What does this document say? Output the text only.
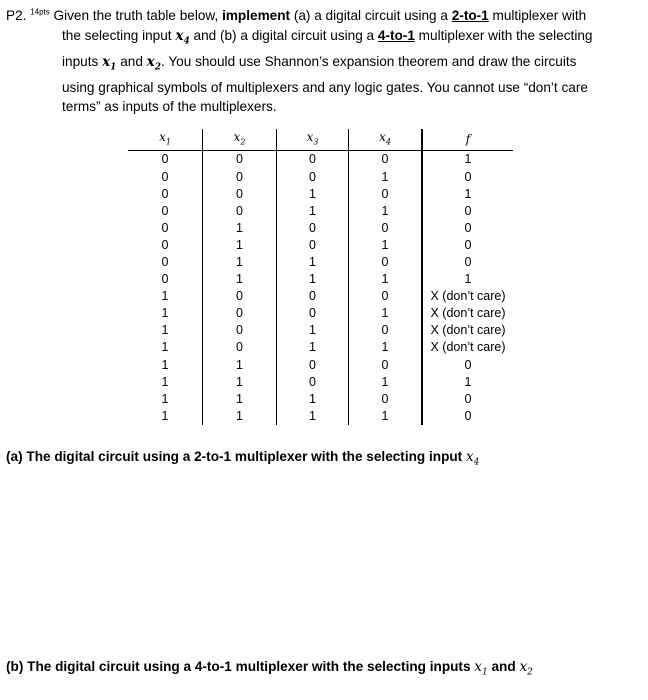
P2. $^{14pts}$ Given the truth table below, implement (a) a digital circuit using a 2-to-1 multiplexer with
the selecting input $x_4$ and (b) a digital circuit using a 4-to-1 multiplexer with the selecting
inputs $x_1$ and $x_2$. You should use Shannon’s expansion theorem and draw the circuits
using graphical symbols of multiplexers and any logic gates. You cannot use “don’t care
terms” as inputs of the multiplexers.
$x_1$	$x_2$	$x_3$	$x_4$	f
0	0	0	0	1
0	0	0	1	0
0	0	1	0	1
0	0	1	1	0
0	1	0	0	0
0	1	0	1	0
0	1	1	0	0
0	1	1	1	1
1	0	0	0	X (don’t care)
1	0	0	1	X (don’t care)
1	0	1	0	X (don’t care)
1	0	1	1	X (don’t care)
1	1	0	0	0
1	1	0	1	1
1	1	1	0	0
1	1	1	1	0
(a) The digital circuit using a 2-to-1 multiplexer with the selecting input $x_4$
(b) The digital circuit using a 4-to-1 multiplexer with the selecting inputs $x_1$ and $x_2$
